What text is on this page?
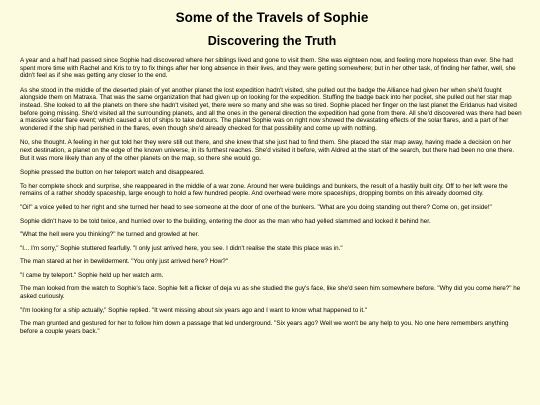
Some of the Travels of Sophie
Discovering the Truth

A year and a half had passed since Sophie had discovered where her siblings lived and gone to visit them. She was eighteen now, and feeling more hopeless than ever. She had spent more time with Rachel and Kris to try to fix things after her long absence in their lives, and they were getting somewhere; but in her other task, of finding her father, well, she didn't feel as if she was getting any closer to the end.

As she stood in the middle of the deserted plain of yet another planet the lost expedition hadn't visited, she pulled out the badge the Alliance had given her when she'd fought alongside them on Matraxa. That was the same organization that had given up on looking for the expedition. Stuffing the badge back into her pocket, she pulled out her star map instead. She looked to all the planets on there she hadn't visited yet, there were so many and she was so tired. Sophie placed her finger on the last planet the Eridanus had visited before going missing. She'd visited all the surrounding planets, and all the ones in the general direction the expedition had gone from there. All she'd discovered was there had been a massive solar flare event; which caused a lot of ships to take detours. The planet Sophie was on right now showed the devastating effects of the solar flares, and a part of her wondered if the ship had perished in the flares, even though she'd already checked for that possibility and come up with nothing.

No, she thought. A feeling in her gut told her they were still out there, and she knew that she just had to find them. She placed the star map away, having made a decision on her next destination, a planet on the edge of the known universe, in its furthest reaches. She'd visited it before, with Aldred at the start of the search, but there had been no one there. But it was more likely than any of the other planets on the map, so there she would go.

Sophie pressed the button on her teleport watch and disappeared.

To her complete shock and surprise, she reappeared in the middle of a war zone. Around her were buildings and bunkers, the result of a hastily built city. Off to her left were the remains of a rather shoddy spaceship, large enough to hold a few hundred people. And overhead were more spaceships, dropping bombs on this already doomed city.

"Oi!" a voice yelled to her right and she turned her head to see someone at the door of one of the bunkers. "What are you doing standing out there? Come on, get inside!"

Sophie didn't have to be told twice, and hurried over to the building, entering the door as the man who had yelled slammed and locked it behind her.

"What the hell were you thinking?" he turned and growled at her.

"I... I'm sorry," Sophie stuttered fearfully. "I only just arrived here, you see. I didn't realise the state this place was in."

The man stared at her in bewilderment. "You only just arrived here? How?"

"I came by teleport." Sophie held up her watch arm.

The man looked from the watch to Sophie's face. Sophie felt a flicker of deja vu as she studied the guy's face, like she'd seen him somewhere before. "Why did you come here?" he asked curiously.

"I'm looking for a ship actually," Sophie replied. "It went missing about six years ago and I want to know what happened to it."

The man grunted and gestured for her to follow him down a passage that led underground. "Six years ago? Well we won't be any help to you. No one here remembers anything before a couple years back."
